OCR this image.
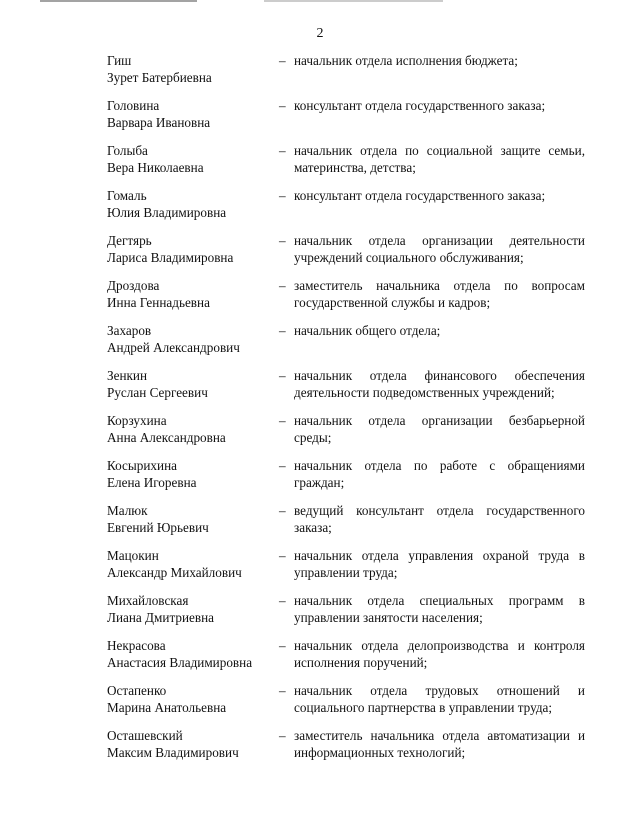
2
Гиш
Зурет Батербиевна
– начальник отдела исполнения бюджета;
Головина
Варвара Ивановна
– консультант отдела государственного заказа;
Голыба
Вера Николаевна
– начальник отдела по социальной защите семьи, материнства, детства;
Гомаль
Юлия Владимировна
– консультант отдела государственного заказа;
Дегтярь
Лариса Владимировна
– начальник отдела организации деятельности учреждений социального обслуживания;
Дроздова
Инна Геннадьевна
– заместитель начальника отдела по вопросам государственной службы и кадров;
Захаров
Андрей Александрович
– начальник общего отдела;
Зенкин
Руслан Сергеевич
– начальник отдела финансового обеспечения деятельности подведомственных учреждений;
Корзухина
Анна Александровна
– начальник отдела организации безбарьерной среды;
Косырихина
Елена Игоревна
– начальник отдела по работе с обращениями граждан;
Малюк
Евгений Юрьевич
– ведущий консультант отдела государственного заказа;
Мацокин
Александр Михайлович
– начальник отдела управления охраной труда в управлении труда;
Михайловская
Лиана Дмитриевна
– начальник отдела специальных программ в управлении занятости населения;
Некрасова
Анастасия Владимировна
– начальник отдела делопроизводства и контроля исполнения поручений;
Остапенко
Марина Анатольевна
– начальник отдела трудовых отношений и социального партнерства в управлении труда;
Осташевский
Максим Владимирович
– заместитель начальника отдела автоматизации и информационных технологий;
